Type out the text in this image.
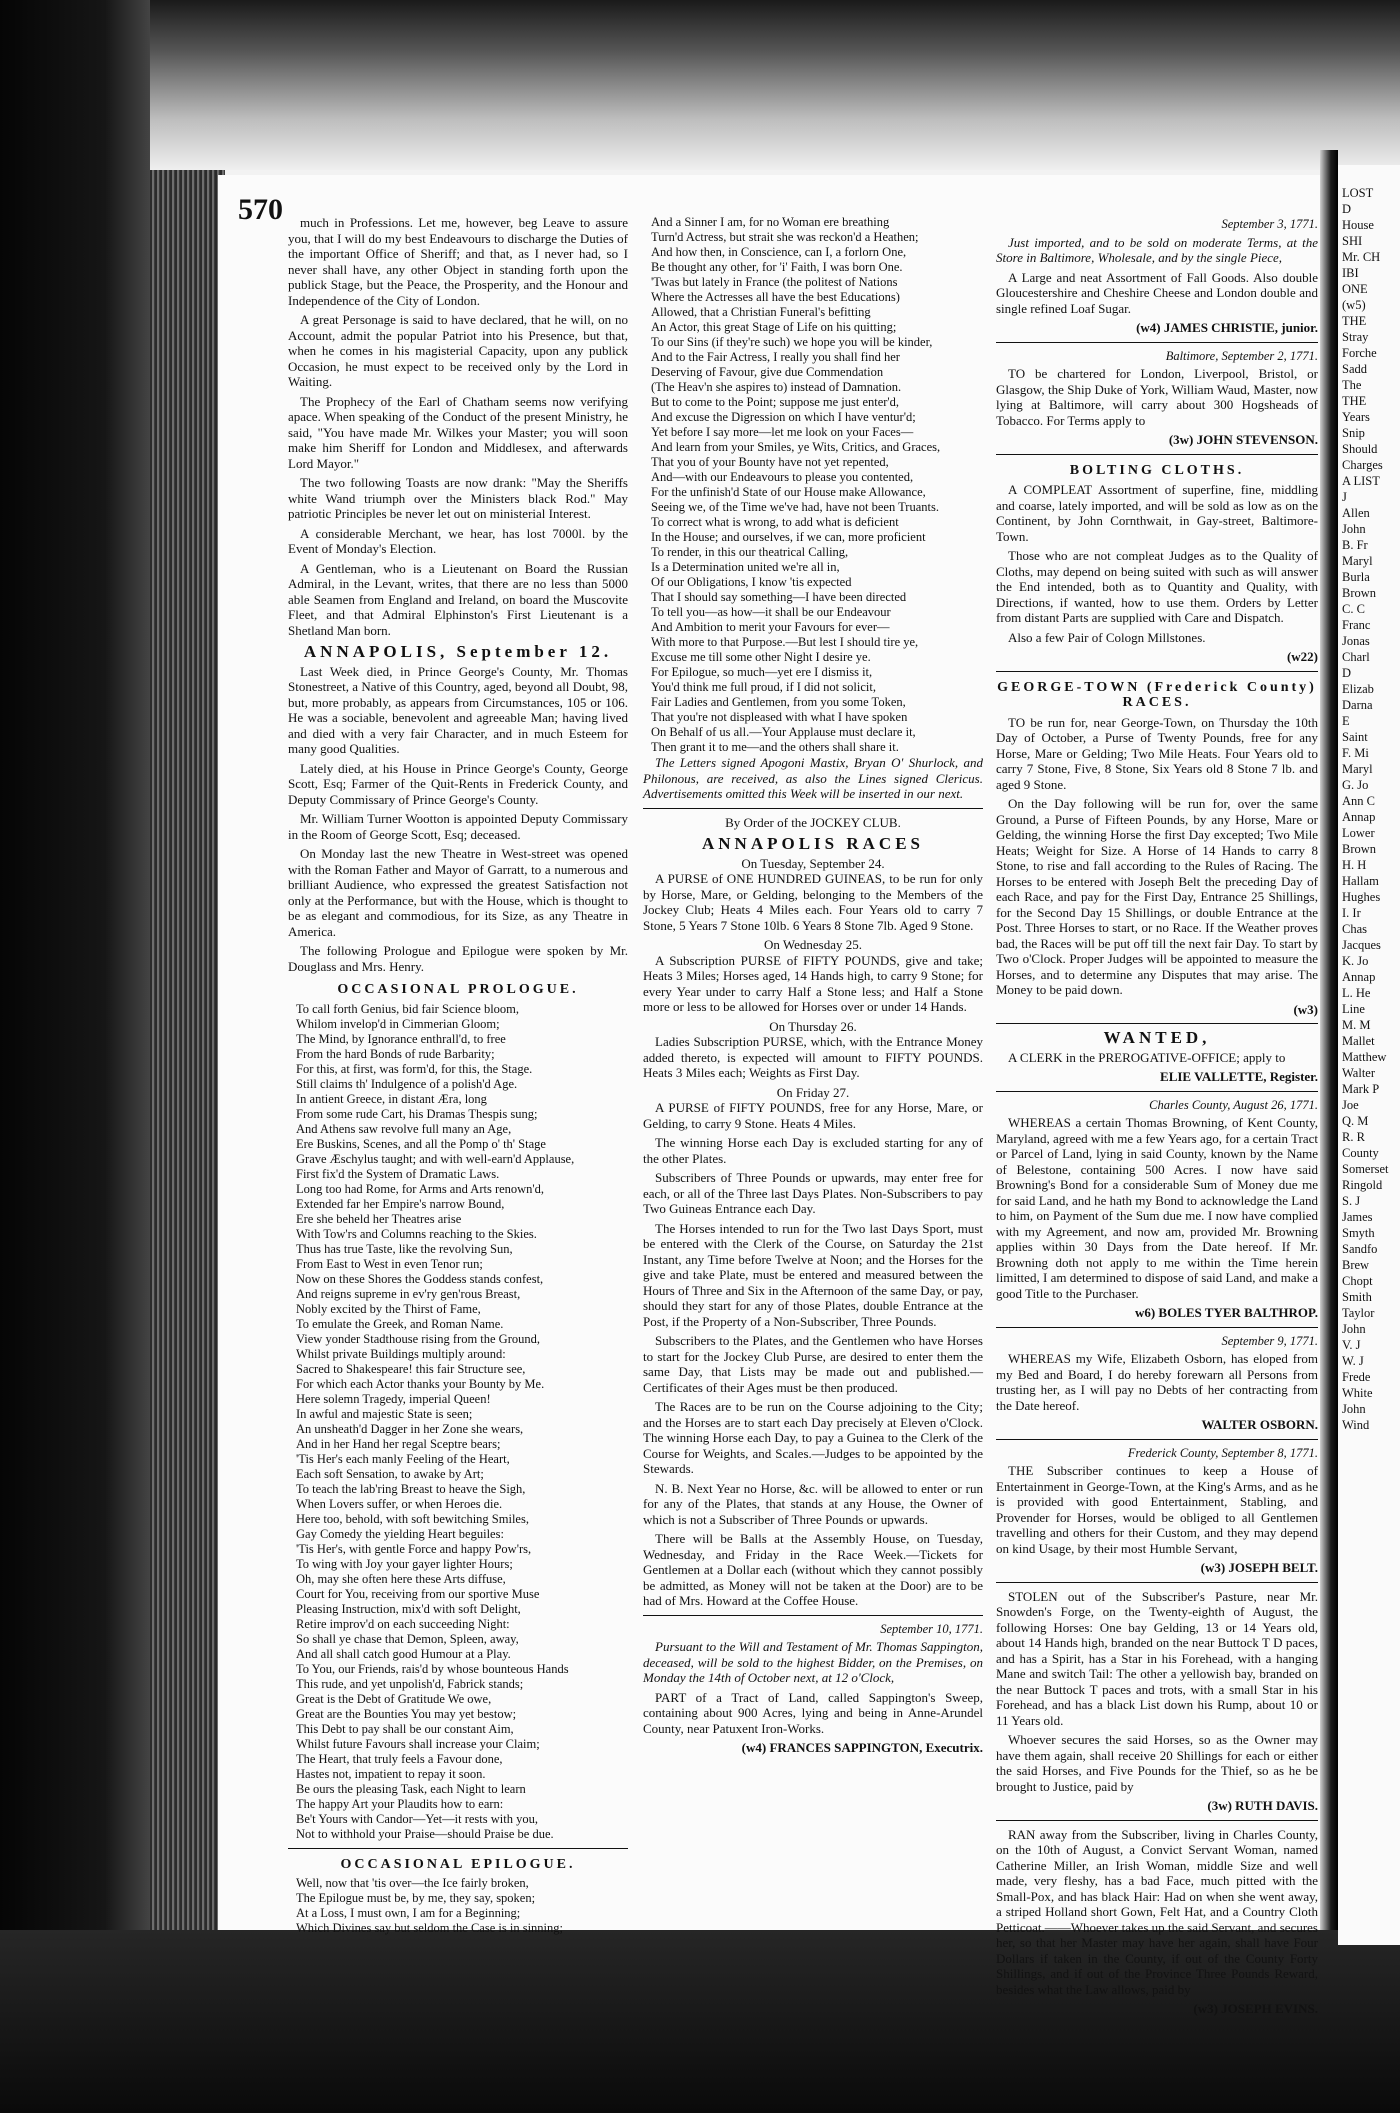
570	much in Professions. Let me, however, beg Leave to assure you, that I will do my best Endeavours to discharge the Duties of the important Office of Sheriff; and that, as I never had, so I never shall have, any other Object in standing forth upon the publick Stage, but the Peace, the Prosperity, and the Honour and Independence of the City of London.

A great Personage is said to have declared, that he will, on no Account, admit the popular Patriot into his Presence, but that, when he comes in his magisterial Capacity, upon any publick Occasion, he must expect to be received only by the Lord in Waiting.

The Prophecy of the Earl of Chatham seems now verifying apace. When speaking of the Conduct of the present Ministry, he said, "You have made Mr. Wilkes your Master; you will soon make him Sheriff for London and Middlesex, and afterwards Lord Mayor."

The two following Toasts are now drank: "May the Sheriffs white Wand triumph over the Ministers black Rod." May patriotic Principles be never let out on ministerial Interest.

A considerable Merchant, we hear, has lost 7000l. by the Event of Monday's Election.

A Gentleman, who is a Lieutenant on Board the Russian Admiral, in the Levant, writes, that there are no less than 5000 able Seamen from England and Ireland, on board the Muscovite Fleet, and that Admiral Elphinston's First Lieutenant is a Shetland Man born.

ANNAPOLIS, September 12.

Last Week died, in Prince George's County, Mr. Thomas Stonestreet, a Native of this Country, aged, beyond all Doubt, 98, but, more probably, as appears from Circumstances, 105 or 106. He was a sociable, benevolent and agreeable Man; having lived and died with a very fair Character, and in much Esteem for many good Qualities.

Lately died, at his House in Prince George's County, George Scott, Esq; Farmer of the Quit-Rents in Frederick County, and Deputy Commissary of Prince George's County.

Mr. William Turner Wootton is appointed Deputy Commissary in the Room of George Scott, Esq; deceased.

On Monday last the new Theatre in West-street was opened with the Roman Father and Mayor of Garratt, to a numerous and brilliant Audience, who expressed the greatest Satisfaction not only at the Performance, but with the House, which is thought to be as elegant and commodious, for its Size, as any Theatre in America.

The following Prologue and Epilogue were spoken by Mr. Douglass and Mrs. Henry.

OCCASIONAL PROLOGUE.
To call forth Genius, bid fair Science bloom,
Whilom invelop'd in Cimmerian Gloom;
The Mind, by Ignorance enthrall'd, to free
From the hard Bonds of rude Barbarity;
For this, at first, was form'd, for this, the Stage.
Still claims th' Indulgence of a polish'd Age.
In antient Greece, in distant Æra, long
From some rude Cart, his Dramas Thespis sung;
And Athens saw revolve full many an Age,
Ere Buskins, Scenes, and all the Pomp o' th' Stage
Grave Æschylus taught; and with well-earn'd Applause,
First fix'd the System of Dramatic Laws.
Long too had Rome, for Arms and Arts renown'd,
Extended far her Empire's narrow Bound,
Ere she beheld her Theatres arise
With Tow'rs and Columns reaching to the Skies.
Thus has true Taste, like the revolving Sun,
From East to West in even Tenor run;
Now on these Shores the Goddess stands confest,
And reigns supreme in ev'ry gen'rous Breast,
Nobly excited by the Thirst of Fame,
To emulate the Greek, and Roman Name.
View yonder Stadthouse rising from the Ground,
Whilst private Buildings multiply around:
Sacred to Shakespeare! this fair Structure see,
For which each Actor thanks your Bounty by Me.
Here solemn Tragedy, imperial Queen!
In awful and majestic State is seen;
An unsheath'd Dagger in her Zone she wears,
And in her Hand her regal Sceptre bears;
'Tis Her's each manly Feeling of the Heart,
Each soft Sensation, to awake by Art;
To teach the lab'ring Breast to heave the Sigh,
When Lovers suffer, or when Heroes die.
Here too, behold, with soft bewitching Smiles,
Gay Comedy the yielding Heart beguiles:
'Tis Her's, with gentle Force and happy Pow'rs,
To wing with Joy your gayer lighter Hours;
Oh, may she often here these Arts diffuse,
Court for You, receiving from our sportive Muse
Pleasing Instruction, mix'd with soft Delight,
Retire improv'd on each succeeding Night:
So shall ye chase that Demon, Spleen, away,
And all shall catch good Humour at a Play.
To You, our Friends, rais'd by whose bounteous Hands
This rude, and yet unpolish'd, Fabrick stands;
Great is the Debt of Gratitude We owe,
Great are the Bounties You may yet bestow;
This Debt to pay shall be our constant Aim,
Whilst future Favours shall increase your Claim;
The Heart, that truly feels a Favour done,
Hastes not, impatient to repay it soon.
Be ours the pleasing Task, each Night to learn
The happy Art your Plaudits how to earn:
Be't Yours with Candor—Yet—it rests with you,
Not to withhold your Praise—should Praise be due.
OCCASIONAL EPILOGUE.
Well, now that 'tis over—the Ice fairly broken,
The Epilogue must be, by me, they say, spoken;
At a Loss, I must own, I am for a Beginning;
Which Divines say but seldom the Case is in sinning;
And a Sinner I am, for no Woman ere breathing
Turn'd Actress, but strait she was reckon'd a Heathen;
And how then, in Conscience, can I, a forlorn One,
Be thought any other, for 'i' Faith, I was born One.
'Twas but lately in France (the politest of Nations
Where the Actresses all have the best Educations)
Allowed, that a Christian Funeral's befitting
An Actor, this great Stage of Life on his quitting;
To our Sins (if they're such) we hope you will be kinder,
And to the Fair Actress, I really you shall find her
Deserving of Favour, give due Commendation
(The Heav'n she aspires to) instead of Damnation.
But to come to the Point; suppose me just enter'd,
And excuse the Digression on which I have ventur'd;
Yet before I say more—let me look on your Faces—
And learn from your Smiles, ye Wits, Critics, and Graces,
That you of your Bounty have not yet repented,
And—with our Endeavours to please you contented,
For the unfinish'd State of our House make Allowance,
Seeing we, of the Time we've had, have not been Truants.
To correct what is wrong, to add what is deficient
In the House; and ourselves, if we can, more proficient
To render, in this our theatrical Calling,
Is a Determination united we're all in,
Of our Obligations, I know 'tis expected
That I should say something—I have been directed
To tell you—as how—it shall be our Endeavour
And Ambition to merit your Favours for ever—
With more to that Purpose.—But lest I should tire ye,
Excuse me till some other Night I desire ye.
For Epilogue, so much—yet ere I dismiss it,
You'd think me full proud, if I did not solicit,
Fair Ladies and Gentlemen, from you some Token,
That you're not displeased with what I have spoken
On Behalf of us all.—Your Applause must declare it,
Then grant it to me—and the others shall share it.

The Letters signed Apogoni Mastix, Bryan O' Shurlock, and Philonous, are received, as also the Lines signed Clericus. Advertisements omitted this Week will be inserted in our next.

By Order of the JOCKEY CLUB.
ANNAPOLIS RACES
On Tuesday, September 24.

A PURSE of ONE HUNDRED GUINEAS, to be run for only by Horse, Mare, or Gelding, belonging to the Members of the Jockey Club; Heats 4 Miles each. Four Years old to carry 7 Stone, 5 Years 7 Stone 10lb. 6 Years 8 Stone 7lb. Aged 9 Stone.

On Wednesday 25.

A Subscription PURSE of FIFTY POUNDS, give and take; Heats 3 Miles; Horses aged, 14 Hands high, to carry 9 Stone; for every Year under to carry Half a Stone less; and Half a Stone more or less to be allowed for Horses over or under 14 Hands.

On Thursday 26.

Ladies Subscription PURSE, which, with the Entrance Money added thereto, is expected will amount to FIFTY POUNDS. Heats 3 Miles each; Weights as First Day.

On Friday 27.

A PURSE of FIFTY POUNDS, free for any Horse, Mare, or Gelding, to carry 9 Stone. Heats 4 Miles.

The winning Horse each Day is excluded starting for any of the other Plates.

Subscribers of Three Pounds or upwards, may enter free for each, or all of the Three last Days Plates. Non-Subscribers to pay Two Guineas Entrance each Day.

The Horses intended to run for the Two last Days Sport, must be entered with the Clerk of the Course, on Saturday the 21st Instant, any Time before Twelve at Noon; and the Horses for the give and take Plate, must be entered and measured between the Hours of Three and Six in the Afternoon of the same Day, or pay, should they start for any of those Plates, double Entrance at the Post, if the Property of a Non-Subscriber, Three Pounds.

Subscribers to the Plates, and the Gentlemen who have Horses to start for the Jockey Club Purse, are desired to enter them the same Day, that Lists may be made out and published.—Certificates of their Ages must be then produced.

The Races are to be run on the Course adjoining to the City; and the Horses are to start each Day precisely at Eleven o'Clock. The winning Horse each Day, to pay a Guinea to the Clerk of the Course for Weights, and Scales.—Judges to be appointed by the Stewards.

N. B. Next Year no Horse, &c. will be allowed to enter or run for any of the Plates, that stands at any House, the Owner of which is not a Subscriber of Three Pounds or upwards.

There will be Balls at the Assembly House, on Tuesday, Wednesday, and Friday in the Race Week.—Tickets for Gentlemen at a Dollar each (without which they cannot possibly be admitted, as Money will not be taken at the Door) are to be had of Mrs. Howard at the Coffee House.

September 10, 1771.

Pursuant to the Will and Testament of Mr. Thomas Sappington, deceased, will be sold to the highest Bidder, on the Premises, on Monday the 14th of October next, at 12 o'Clock,

PART of a Tract of Land, called Sappington's Sweep, containing about 900 Acres, lying and being in Anne-Arundel County, near Patuxent Iron-Works.

(w4) FRANCES SAPPINGTON, Executrix.
September 3, 1771.

Just imported, and to be sold on moderate Terms, at the Store in Baltimore, Wholesale, and by the single Piece,

A Large and neat Assortment of Fall Goods. Also double Gloucestershire and Cheshire Cheese and London double and single refined Loaf Sugar.

(w4) JAMES CHRISTIE, junior.
Baltimore, September 2, 1771.

TO be chartered for London, Liverpool, Bristol, or Glasgow, the Ship Duke of York, William Waud, Master, now lying at Baltimore, will carry about 300 Hogsheads of Tobacco. For Terms apply to

(3w) JOHN STEVENSON.
BOLTING CLOTHS.

A COMPLEAT Assortment of superfine, fine, middling and coarse, lately imported, and will be sold as low as on the Continent, by John Cornthwait, in Gay-street, Baltimore-Town.

Those who are not compleat Judges as to the Quality of Cloths, may depend on being suited with such as will answer the End intended, both as to Quantity and Quality, with Directions, if wanted, how to use them. Orders by Letter from distant Parts are supplied with Care and Dispatch.

Also a few Pair of Cologn Millstones.

(w22)
GEORGE-TOWN (Frederick County) RACES.

TO be run for, near George-Town, on Thursday the 10th Day of October, a Purse of Twenty Pounds, free for any Horse, Mare or Gelding; Two Mile Heats. Four Years old to carry 7 Stone, Five, 8 Stone, Six Years old 8 Stone 7 lb. and aged 9 Stone.

On the Day following will be run for, over the same Ground, a Purse of Fifteen Pounds, by any Horse, Mare or Gelding, the winning Horse the first Day excepted; Two Mile Heats; Weight for Size. A Horse of 14 Hands to carry 8 Stone, to rise and fall according to the Rules of Racing. The Horses to be entered with Joseph Belt the preceding Day of each Race, and pay for the First Day, Entrance 25 Shillings, for the Second Day 15 Shillings, or double Entrance at the Post. Three Horses to start, or no Race. If the Weather proves bad, the Races will be put off till the next fair Day. To start by Two o'Clock. Proper Judges will be appointed to measure the Horses, and to determine any Disputes that may arise. The Money to be paid down.

(w3)
WANTED,

A CLERK in the PREROGATIVE-OFFICE; apply to

ELIE VALLETTE, Register.
Charles County, August 26, 1771.

WHEREAS a certain Thomas Browning, of Kent County, Maryland, agreed with me a few Years ago, for a certain Tract or Parcel of Land, lying in said County, known by the Name of Belestone, containing 500 Acres. I now have said Browning's Bond for a considerable Sum of Money due me for said Land, and he hath my Bond to acknowledge the Land to him, on Payment of the Sum due me. I now have complied with my Agreement, and now am, provided Mr. Browning applies within 30 Days from the Date hereof. If Mr. Browning doth not apply to me within the Time herein limitted, I am determined to dispose of said Land, and make a good Title to the Purchaser.

w6) BOLES TYER BALTHROP.
September 9, 1771.

WHEREAS my Wife, Elizabeth Osborn, has eloped from my Bed and Board, I do hereby forewarn all Persons from trusting her, as I will pay no Debts of her contracting from the Date hereof.

WALTER OSBORN.
Frederick County, September 8, 1771.

THE Subscriber continues to keep a House of Entertainment in George-Town, at the King's Arms, and as he is provided with good Entertainment, Stabling, and Provender for Horses, would be obliged to all Gentlemen travelling and others for their Custom, and they may depend on kind Usage, by their most Humble Servant,

(w3) JOSEPH BELT.

STOLEN out of the Subscriber's Pasture, near Mr. Snowden's Forge, on the Twenty-eighth of August, the following Horses: One bay Gelding, 13 or 14 Years old, about 14 Hands high, branded on the near Buttock T D paces, and has a Spirit, has a Star in his Forehead, with a hanging Mane and switch Tail: The other a yellowish bay, branded on the near Buttock T paces and trots, with a small Star in his Forehead, and has a black List down his Rump, about 10 or 11 Years old.

Whoever secures the said Horses, so as the Owner may have them again, shall receive 20 Shillings for each or either the said Horses, and Five Pounds for the Thief, so as he be brought to Justice, paid by

(3w) RUTH DAVIS.

RAN away from the Subscriber, living in Charles County, on the 10th of August, a Convict Servant Woman, named Catherine Miller, an Irish Woman, middle Size and well made, very fleshy, has a bad Face, much pitted with the Small-Pox, and has black Hair: Had on when she went away, a striped Holland short Gown, Felt Hat, and a Country Cloth Petticoat.——Whoever takes up the said Servant, and secures her, so that her Master may have her again, shall have Four Dollars if taken in the County, if out of the County Forty Shillings, and if out of the Province Three Pounds Reward, besides what the Law allows, paid by

(w3) JOSEPH EVINS.
LOST
D
House
SHI
Mr. CH
IBI
ONE
(w5)
THE
Stray
Forche
Sadd
The
THE
Years
Snip
Should
Charges
A LIST
J
Allen
John
B. Fr
Maryl
Burla
Brown
C. C
Franc
Jonas
Charl
D
Elizab
Darna
E
Saint
F. Mi
Maryl
G. Jo
Ann C
Annap
Lower
Brown
H. H
Hallam
Hughes
I. Ir
Chas
Jacques
K. Jo
Annap
L. He
Line
M. M
Mallet
Matthew
Walter
Mark P
Joe
Q. M
R. R
County
Somerset
Ringold
S. J
James
Smyth
Sandfo
Brew
Chopt
Smith
Taylor
John
V. J
W. J
Frede
White
John
Wind
